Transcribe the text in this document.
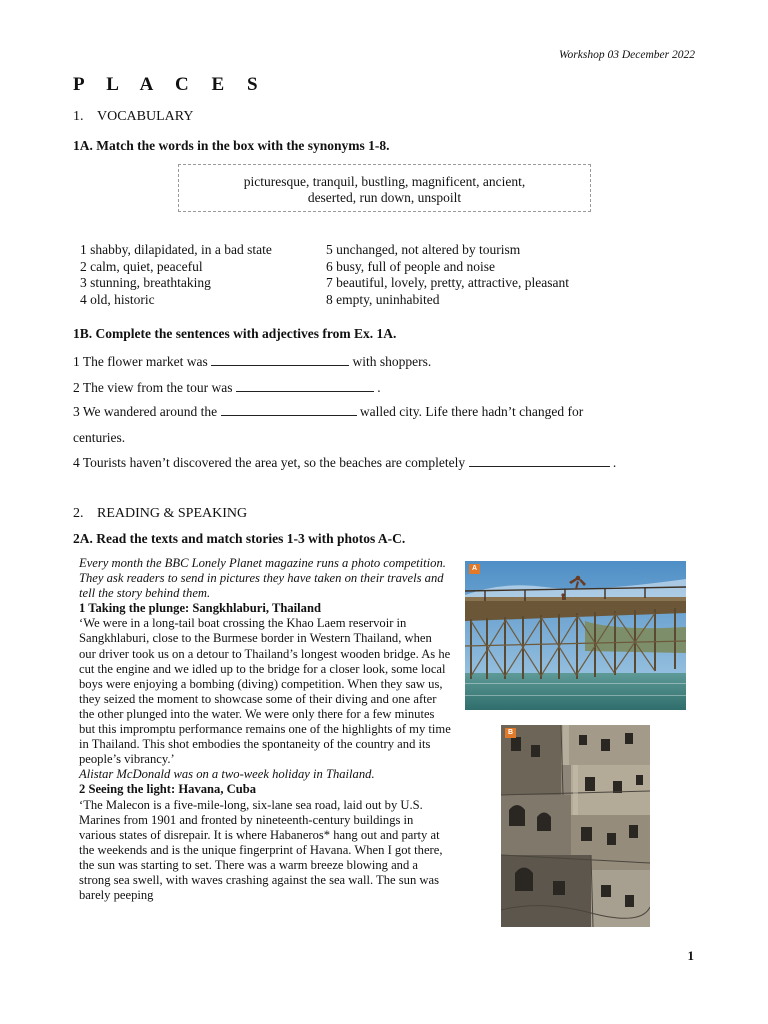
Workshop 03 December 2022
P L A C E S
1. VOCABULARY
1A. Match the words in the box with the synonyms 1-8.
picturesque, tranquil, bustling, magnificent, ancient,
deserted, run down, unspoilt
1 shabby, dilapidated, in a bad state
2 calm, quiet, peaceful
3 stunning, breathtaking
4 old, historic
5 unchanged, not altered by tourism
6 busy, full of people and noise
7 beautiful, lovely, pretty, attractive, pleasant
8 empty, uninhabited
1B. Complete the sentences with adjectives from Ex. 1A.
1 The flower market was	with shoppers.
2 The view from the tour was	.
3 We wandered around the	walled city. Life there hadn’t changed for
centuries.
4 Tourists haven’t discovered the area yet, so the beaches are completely	.
2. READING & SPEAKING
2A. Read the texts and match stories 1-3 with photos A-C.

Every month the BBC Lonely Planet magazine runs a photo competition. They ask readers to send in pictures they have taken on their travels and tell the story behind them.

1 Taking the plunge: Sangkhlaburi, Thailand

‘We were in a long-tail boat crossing the Khao Laem reservoir in Sangkhlaburi, close to the Burmese border in Western Thailand, when our driver took us on a detour to Thailand’s longest wooden bridge. As he cut the engine and we idled up to the bridge for a closer look, some local boys were enjoying a bombing (diving) competition. When they saw us, they seized the moment to showcase some of their diving and one after the other plunged into the water. We were only there for a few minutes but this impromptu performance remains one of the highlights of my time in Thailand. This shot embodies the spontaneity of the country and its people’s vibrancy.’

Alistar McDonald was on a two-week holiday in Thailand.

2 Seeing the light: Havana, Cuba

‘The Malecon is a five-mile-long, six-lane sea road, laid out by U.S. Marines from 1901 and fronted by nineteenth-century buildings in various states of disrepair. It is where Habaneros* hang out and party at the weekends and is the unique fingerprint of Havana. When I got there, the sun was starting to set. There was a warm breeze blowing and a strong sea swell, with waves crashing against the sea wall. The sun was barely peeping

A
B
1
